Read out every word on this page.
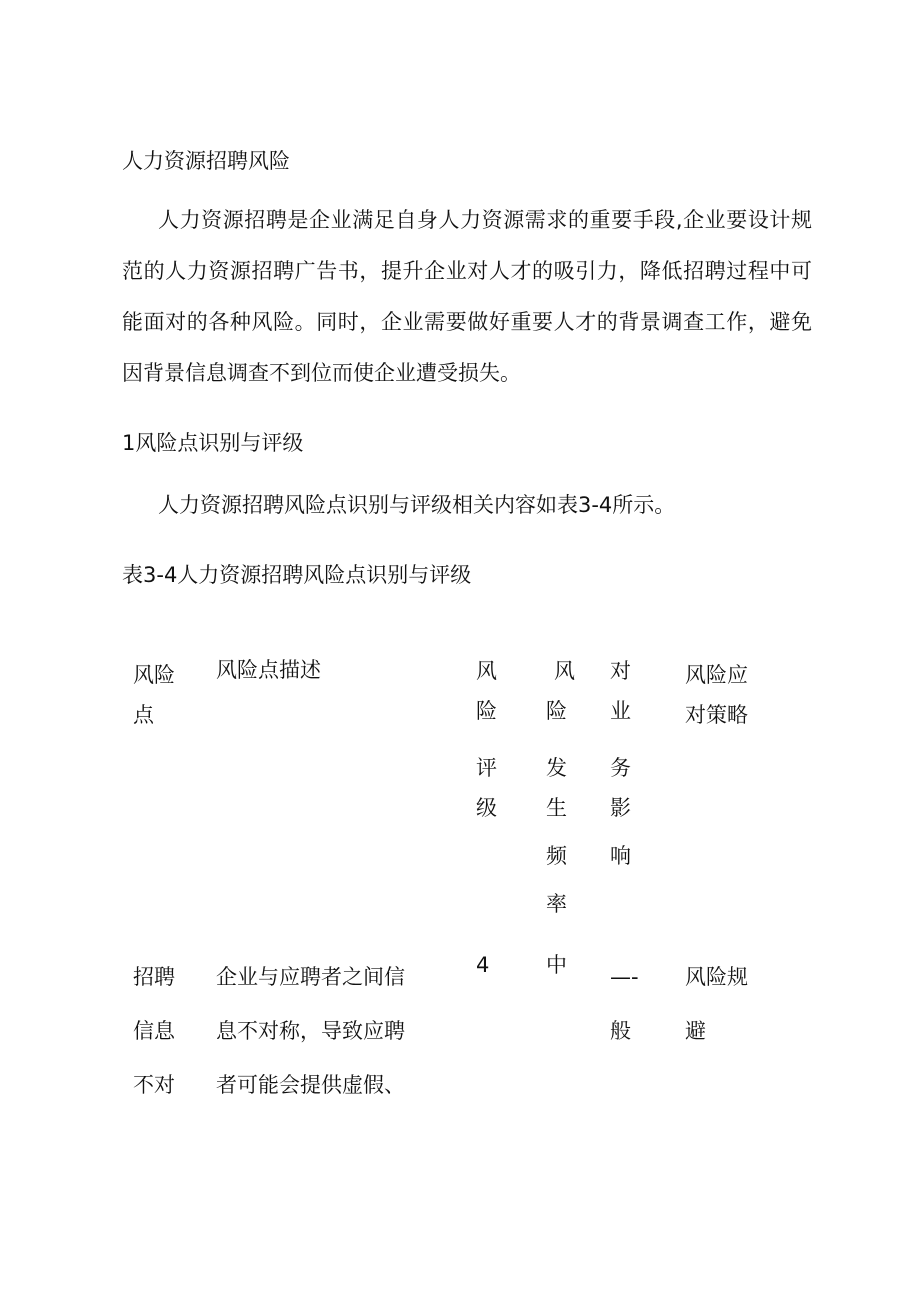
人力资源招聘风险
人力资源招聘是企业满足自身人力资源需求的重要手段,企业要设计规范的人力资源招聘广告书，提升企业对人才的吸引力，降低招聘过程中可能面对的各种风险。同时，企业需要做好重要人才的背景调查工作，避免因背景信息调查不到位而使企业遭受损失。
1风险点识别与评级
人力资源招聘风险点识别与评级相关内容如表3-4所示。
表3-4人力资源招聘风险点识别与评级
风险
点
风险点描述	风
险
评
级
风
险
发
生
频
率
对
业
务
影
响
风险应
对策略
招聘
信息
不对
企业与应聘者之间信
息不对称，导致应聘
者可能会提供虚假、
4	中 —-
般
风险规
避
